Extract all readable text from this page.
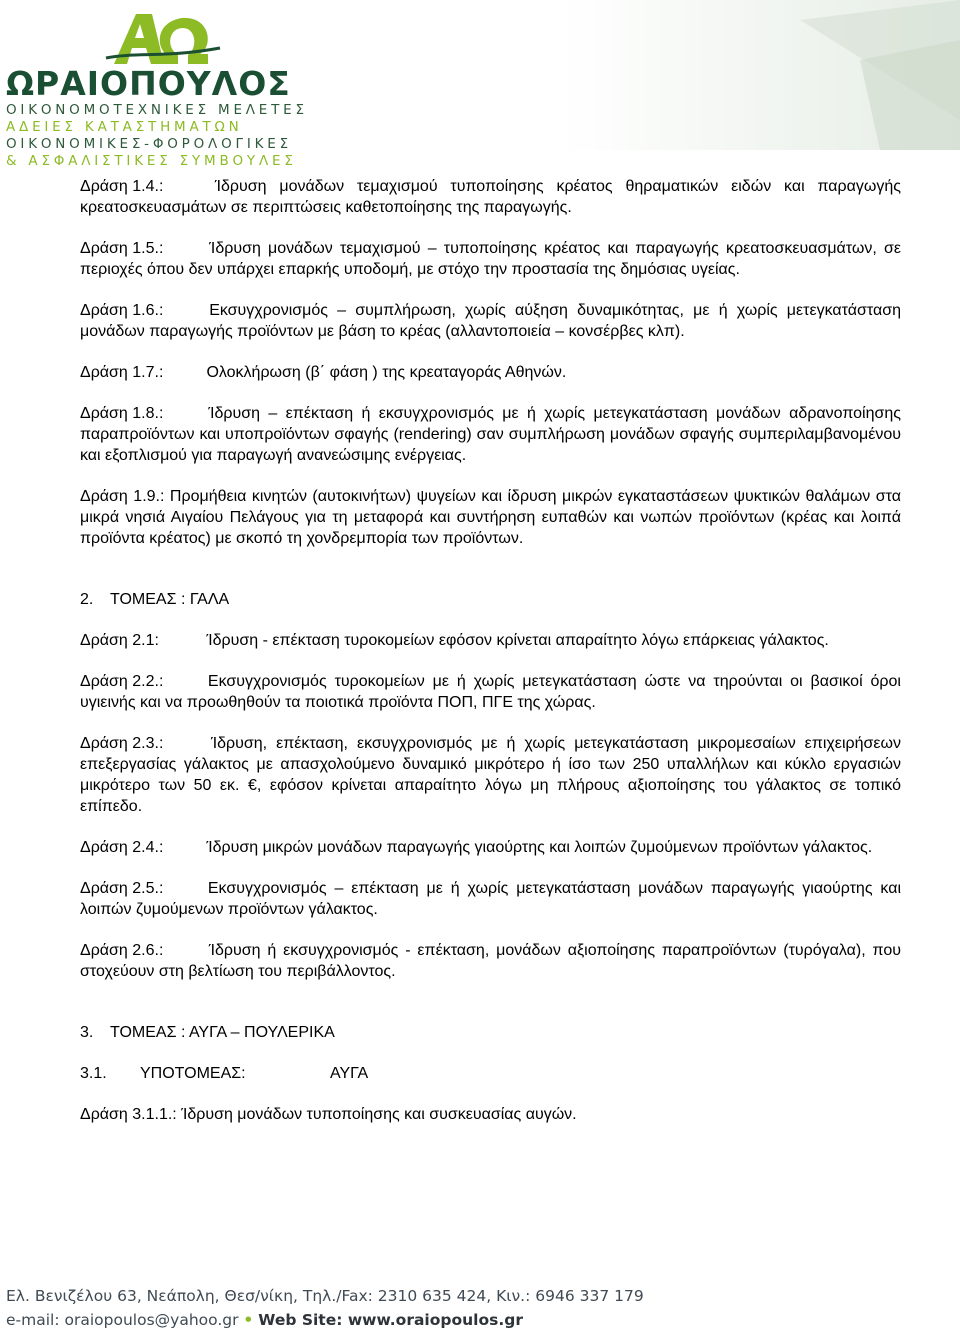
ΩΡΑΙΟΠΟΥΛΟΣ
ΟΙΚΟΝΟΜΟΤΕΧΝΙΚΕΣ ΜΕΛΕΤΕΣ
ΑΔΕΙΕΣ ΚΑΤΑΣΤΗΜΑΤΩΝ
ΟΙΚΟΝΟΜΙΚΕΣ-ΦΟΡΟΛΟΓΙΚΕΣ
& ΑΣΦΑΛΙΣΤΙΚΕΣ ΣΥΜΒΟΥΛΕΣ

Δράση 1.4.:	Ίδρυση μονάδων τεμαχισμού τυποποίησης κρέατος θηραματικών ειδών και παραγωγής κρεατοσκευασμάτων σε περιπτώσεις καθετοποίησης της παραγωγής.

Δράση 1.5.:	Ίδρυση μονάδων τεμαχισμού – τυποποίησης κρέατος και παραγωγής κρεατοσκευασμάτων, σε περιοχές όπου δεν υπάρχει επαρκής υποδομή, με στόχο την προστασία της δημόσιας υγείας.

Δράση 1.6.:	Εκσυγχρονισμός – συμπλήρωση, χωρίς αύξηση δυναμικότητας, με ή χωρίς μετεγκατάσταση μονάδων παραγωγής προϊόντων με βάση το κρέας (αλλαντοποιεία – κονσέρβες κλπ).

Δράση 1.7.:	Ολοκλήρωση (β΄ φάση ) της κρεαταγοράς Αθηνών.

Δράση 1.8.:	Ίδρυση – επέκταση ή εκσυγχρονισμός με ή χωρίς μετεγκατάσταση μονάδων αδρανοποίησης παραπροϊόντων και υποπροϊόντων σφαγής (rendering) σαν συμπλήρωση μονάδων σφαγής συμπεριλαμβανομένου και εξοπλισμού για παραγωγή ανανεώσιμης ενέργειας.

Δράση 1.9.: Προμήθεια κινητών (αυτοκινήτων) ψυγείων και ίδρυση μικρών εγκαταστάσεων ψυκτικών θαλάμων στα μικρά νησιά Αιγαίου Πελάγους για τη μεταφορά και συντήρηση ευπαθών και νωπών προϊόντων (κρέας και λοιπά προϊόντα κρέατος) με σκοπό τη χονδρεμπορία των προϊόντων.

2. ΤΟΜΕΑΣ : ΓΑΛΑ

Δράση 2.1:	Ίδρυση - επέκταση τυροκομείων εφόσον κρίνεται απαραίτητο λόγω επάρκειας γάλακτος.

Δράση 2.2.:	Εκσυγχρονισμός τυροκομείων με ή χωρίς μετεγκατάσταση ώστε να τηρούνται οι βασικοί όροι υγιεινής και να προωθηθούν τα ποιοτικά προϊόντα ΠΟΠ, ΠΓΕ της χώρας.

Δράση 2.3.:	Ίδρυση, επέκταση, εκσυγχρονισμός με ή χωρίς μετεγκατάσταση μικρομεσαίων επιχειρήσεων επεξεργασίας γάλακτος με απασχολούμενο δυναμικό μικρότερο ή ίσο των 250 υπαλλήλων και κύκλο εργασιών μικρότερο των 50 εκ. €, εφόσον κρίνεται απαραίτητο λόγω μη πλήρους αξιοποίησης του γάλακτος σε τοπικό επίπεδο.

Δράση 2.4.:	Ίδρυση μικρών μονάδων παραγωγής γιαούρτης και λοιπών ζυμούμενων προϊόντων γάλακτος.

Δράση 2.5.:	Εκσυγχρονισμός – επέκταση με ή χωρίς μετεγκατάσταση μονάδων παραγωγής γιαούρτης και λοιπών ζυμούμενων προϊόντων γάλακτος.

Δράση 2.6.:	Ίδρυση ή εκσυγχρονισμός - επέκταση, μονάδων αξιοποίησης παραπροϊόντων (τυρόγαλα), που στοχεύουν στη βελτίωση του περιβάλλοντος.

3. ΤΟΜΕΑΣ : ΑΥΓΑ – ΠΟΥΛΕΡΙΚΑ

3.1. ΥΠΟΤΟΜΕΑΣ:	ΑΥΓΑ

Δράση 3.1.1.: Ίδρυση μονάδων τυποποίησης και συσκευασίας αυγών.

Ελ. Βενιζέλου 63, Νεάπολη, Θεσ/νίκη, Τηλ./Fax: 2310 635 424, Κιν.: 6946 337 179
e-mail: oraiopoulos@yahoo.gr • Web Site: www.oraiopoulos.gr
